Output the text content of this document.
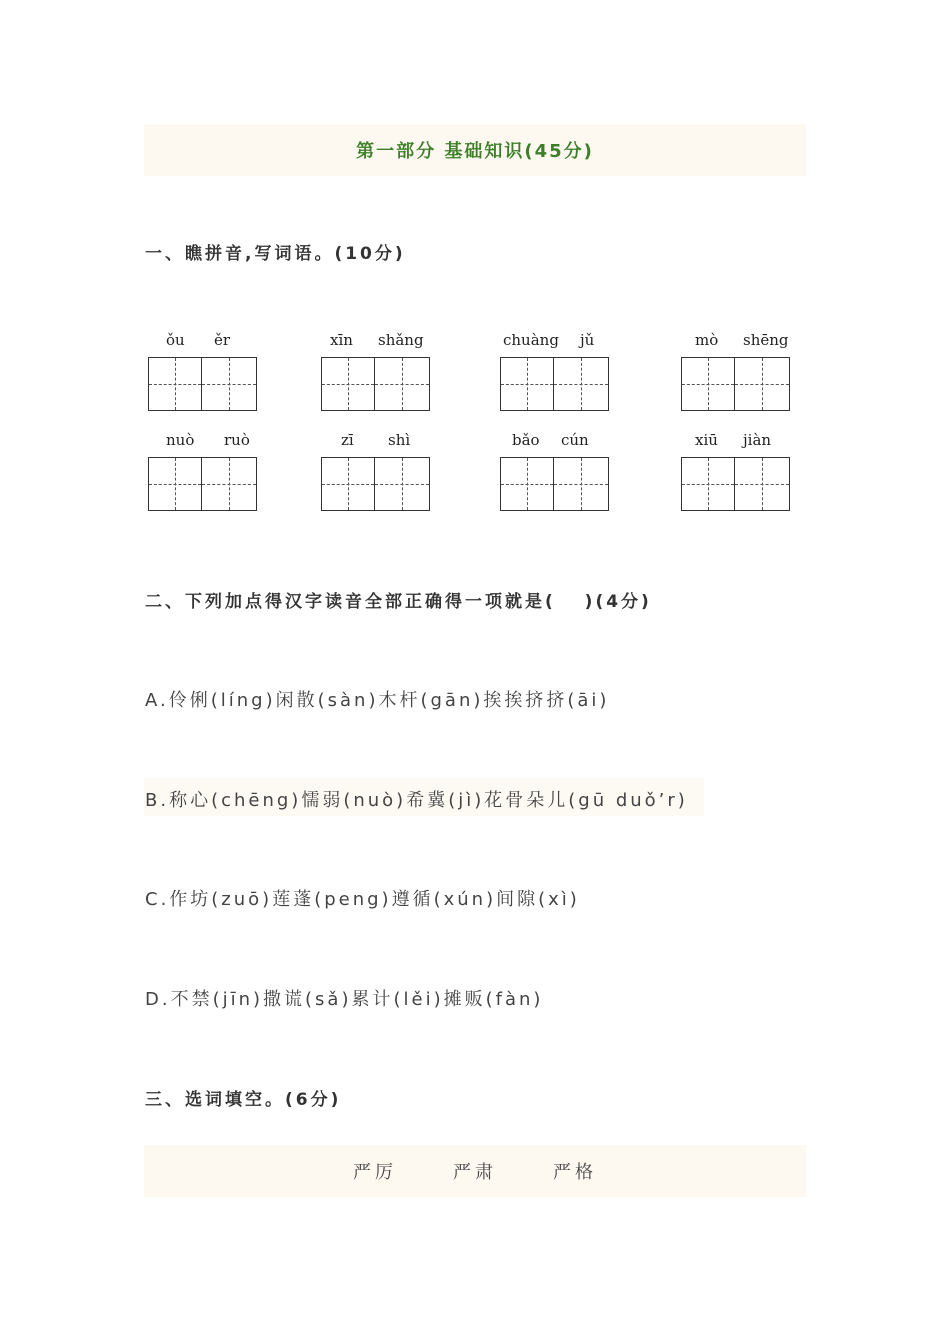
第一部分 基础知识(45分)
一、瞧拼音,写词语。(10分)
ǒu ěr	xīn shǎng	chuàng jǔ	mò shēng
nuò ruò	zī shì	bǎo cún	xiū jiàn
二、下列加点得汉字读音全部正确得一项就是(　 )(4分)
A.伶俐(líng)闲散(sàn)木杆(gān)挨挨挤挤(āi)
B.称心(chēng)懦弱(nuò)希冀(jì)花骨朵儿(gū duǒ’r)
C.作坊(zuō)莲蓬(peng)遵循(xún)间隙(xì)
D.不禁(jīn)撒谎(sǎ)累计(lěi)摊贩(fàn)
三、选词填空。(6分)
严厉	严肃	严格
